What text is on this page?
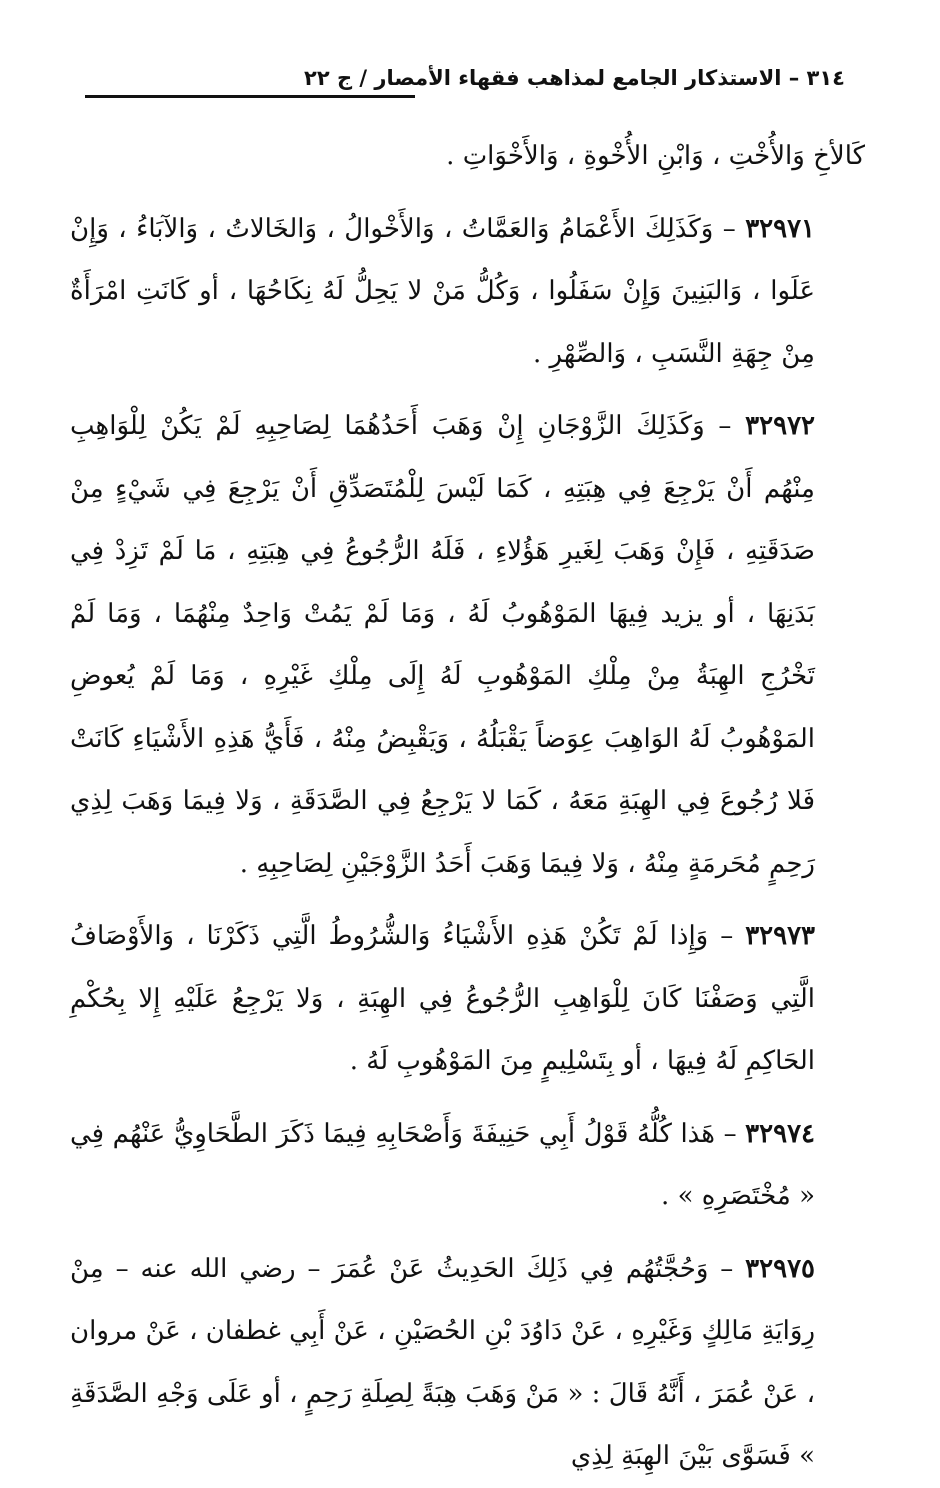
٣١٤ – الاستذكار الجامع لمذاهب فقهاء الأمصار / ج ٢٢

كَالأخِ وَالأُخْتِ ، وَابْنِ الأُخْوةِ ، وَالأَخْوَاتِ .

٣٢٩٧١ – وَكَذَلِكَ الأَعْمَامُ وَالعَمَّاتُ ، وَالأَخْوالُ ، وَالخَالاتُ ، وَالآبَاءُ ، وَإِنْ عَلَوا ، وَالبَنِينَ وَإِنْ سَفَلُوا ، وَكُلُّ مَنْ لا يَحِلُّ لَهُ نِكَاحُهَا ، أو كَانَتِ امْرَأَةٌ مِنْ جِهَةِ النَّسَبِ ، وَالصِّهْرِ .

٣٢٩٧٢ – وَكَذَلِكَ الزَّوْجَانِ إِنْ وَهَبَ أَحَدُهُمَا لِصَاحِبِهِ لَمْ يَكُنْ لِلْوَاهِبِ مِنْهُم أَنْ يَرْجِعَ فِي هِبَتِهِ ، كَمَا لَيْسَ لِلْمُتَصَدِّقِ أَنْ يَرْجِعَ فِي شَيْءٍ مِنْ صَدَقَتِهِ ، فَإِنْ وَهَبَ لِغَيرِ هَؤُلاءِ ، فَلَهُ الرُّجُوعُ فِي هِبَتِهِ ، مَا لَمْ تَزِدْ فِي بَدَنِهَا ، أو يزيد فِيهَا المَوْهُوبُ لَهُ ، وَمَا لَمْ يَمُتْ وَاحِدٌ مِنْهُمَا ، وَمَا لَمْ تَخْرُجِ الهِبَةُ مِنْ مِلْكِ المَوْهُوبِ لَهُ إِلَى مِلْكِ غَيْرِهِ ، وَمَا لَمْ يُعوضِ المَوْهُوبُ لَهُ الوَاهِبَ عِوَضاً يَقْبَلُهُ ، وَيَقْبِضُ مِنْهُ ، فَأَيُّ هَذِهِ الأَشْيَاءِ كَانَتْ فَلا رُجُوعَ فِي الهِبَةِ مَعَهُ ، كَمَا لا يَرْجِعُ فِي الصَّدَقَةِ ، وَلا فِيمَا وَهَبَ لِذِي رَحِمٍ مُحَرمَةٍ مِنْهُ ، وَلا فِيمَا وَهَبَ أَحَدُ الزَّوْجَيْنِ لِصَاحِبِهِ .

٣٢٩٧٣ – وَإِذا لَمْ تَكُنْ هَذِهِ الأَشْيَاءُ وَالشُّرُوطُ الَّتِي ذَكَرْنَا ، وَالأَوْصَافُ الَّتِي وَصَفْنَا كَانَ لِلْوَاهِبِ الرُّجُوعُ فِي الهِبَةِ ، وَلا يَرْجِعُ عَلَيْهِ إِلا بِحُكْمِ الحَاكِمِ لَهُ فِيهَا ، أو بِتَسْلِيمٍ مِنَ المَوْهُوبِ لَهُ .

٣٢٩٧٤ – هَذا كُلُّهُ قَوْلُ أَبِي حَنِيفَةَ وَأَصْحَابِهِ فِيمَا ذَكَرَ الطَّحَاوِيُّ عَنْهُم فِي « مُخْتَصَرِهِ » .

٣٢٩٧٥ – وَحُجَّتُهُم فِي ذَلِكَ الحَدِيثُ عَنْ عُمَرَ – رضي الله عنه – مِنْ رِوَايَةِ مَالِكٍ وَغَيْرِهِ ، عَنْ دَاوُدَ بْنِ الحُصَيْنِ ، عَنْ أَبِي غطفان ، عَنْ مروان ، عَنْ عُمَرَ ، أَنَّهُ قَالَ : « مَنْ وَهَبَ هِبَةً لِصِلَةِ رَحِمٍ ، أو عَلَى وَجْهِ الصَّدَقَةِ » فَسَوَّى بَيْنَ الهِبَةِ لِذِي
